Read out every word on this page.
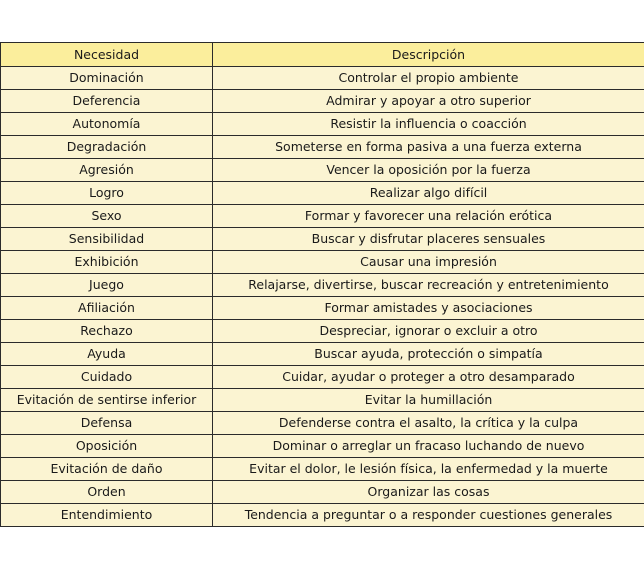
Necesidad	Descripción
Dominación	Controlar el propio ambiente
Deferencia	Admirar y apoyar a otro superior
Autonomía	Resistir la influencia o coacción
Degradación	Someterse en forma pasiva a una fuerza externa
Agresión	Vencer la oposición por la fuerza
Logro	Realizar algo difícil
Sexo	Formar y favorecer una relación erótica
Sensibilidad	Buscar y disfrutar placeres sensuales
Exhibición	Causar una impresión
Juego	Relajarse, divertirse, buscar recreación y entretenimiento
Afiliación	Formar amistades y asociaciones
Rechazo	Despreciar, ignorar o excluir a otro
Ayuda	Buscar ayuda, protección o simpatía
Cuidado	Cuidar, ayudar o proteger a otro desamparado
Evitación de sentirse inferior	Evitar la humillación
Defensa	Defenderse contra el asalto, la crítica y la culpa
Oposición	Dominar o arreglar un fracaso luchando de nuevo
Evitación de daño	Evitar el dolor, le lesión física, la enfermedad y la muerte
Orden	Organizar las cosas
Entendimiento	Tendencia a preguntar o a responder cuestiones generales
